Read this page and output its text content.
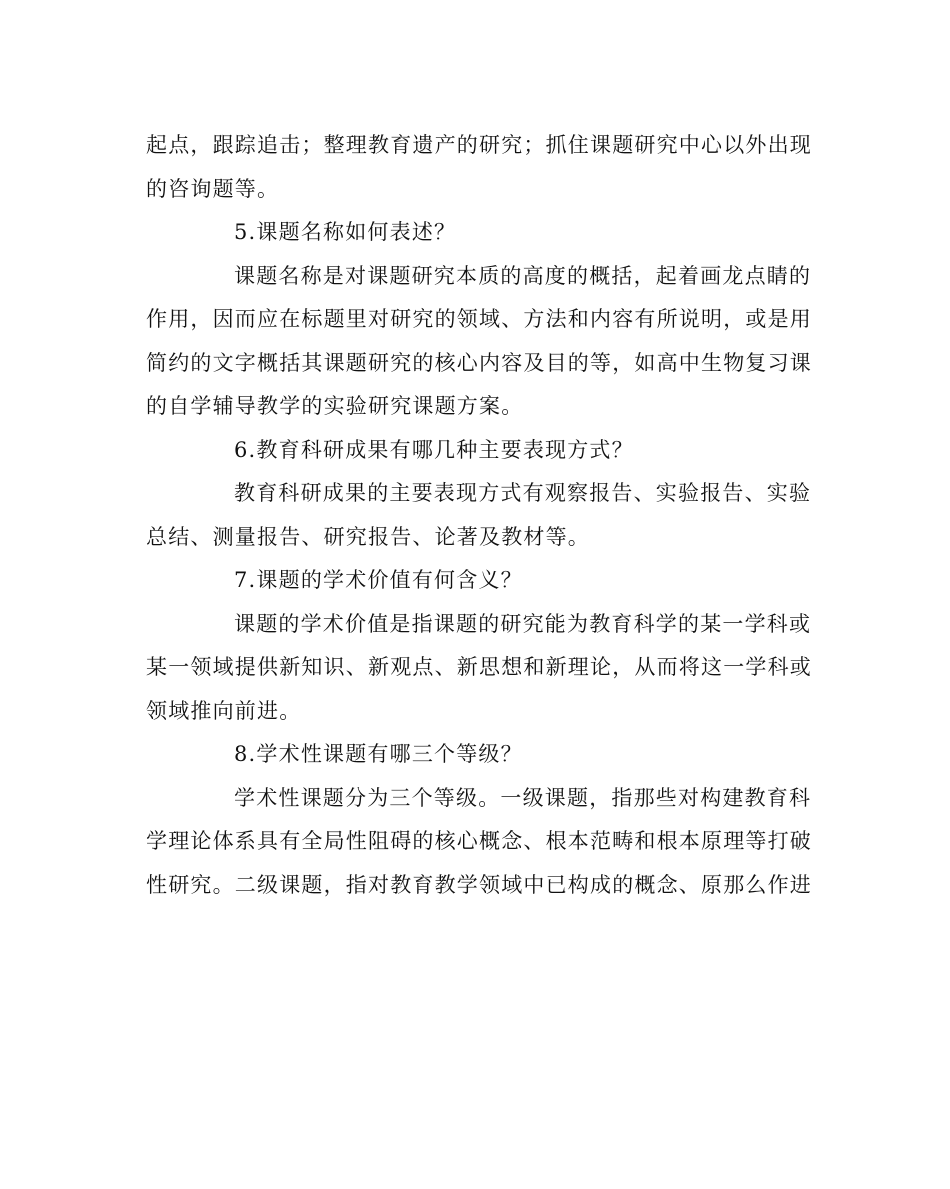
起点，跟踪追击；整理教育遗产的研究；抓住课题研究中心以外出现
的咨询题等。
5.课题名称如何表述？
课题名称是对课题研究本质的高度的概括，起着画龙点睛的
作用，因而应在标题里对研究的领域、方法和内容有所说明，或是用
简约的文字概括其课题研究的核心内容及目的等，如高中生物复习课
的自学辅导教学的实验研究课题方案。
6.教育科研成果有哪几种主要表现方式？
教育科研成果的主要表现方式有观察报告、实验报告、实验
总结、测量报告、研究报告、论著及教材等。
7.课题的学术价值有何含义？
课题的学术价值是指课题的研究能为教育科学的某一学科或
某一领域提供新知识、新观点、新思想和新理论，从而将这一学科或
领域推向前进。
8.学术性课题有哪三个等级？
学术性课题分为三个等级。一级课题，指那些对构建教育科
学理论体系具有全局性阻碍的核心概念、根本范畴和根本原理等打破
性研究。二级课题，指对教育教学领域中已构成的概念、原那么作进
